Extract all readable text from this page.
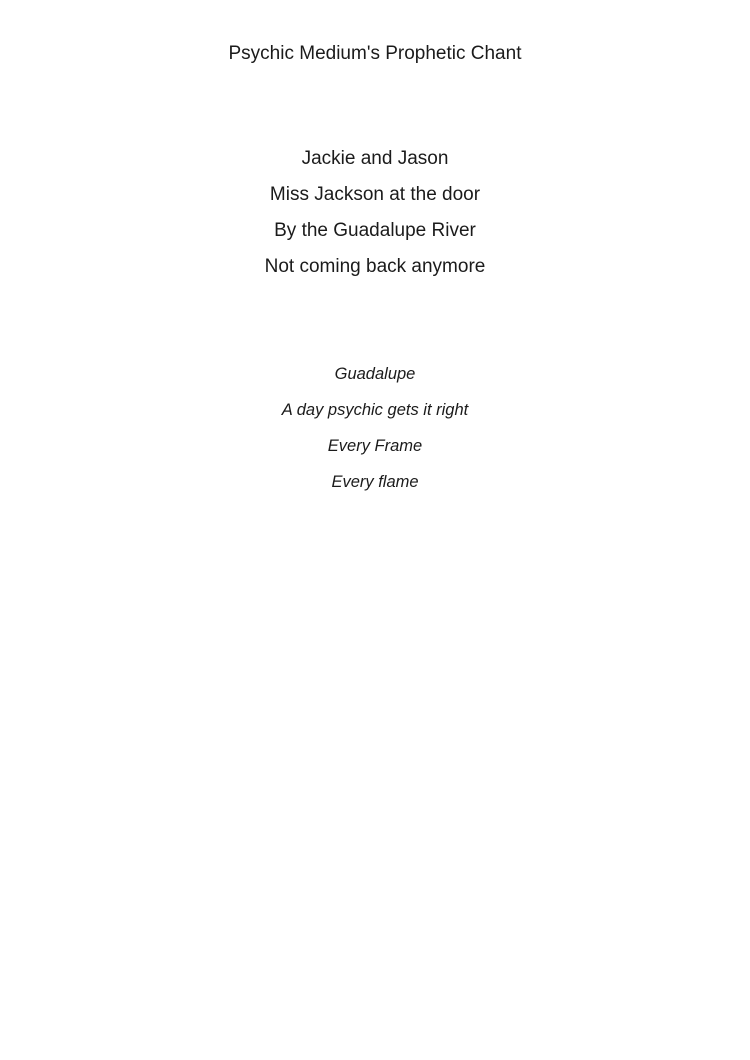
Psychic Medium's Prophetic Chant
Jackie and Jason
Miss Jackson at the door
By the Guadalupe River
Not coming back anymore
Guadalupe
A day psychic gets it right
Every Frame
Every flame
